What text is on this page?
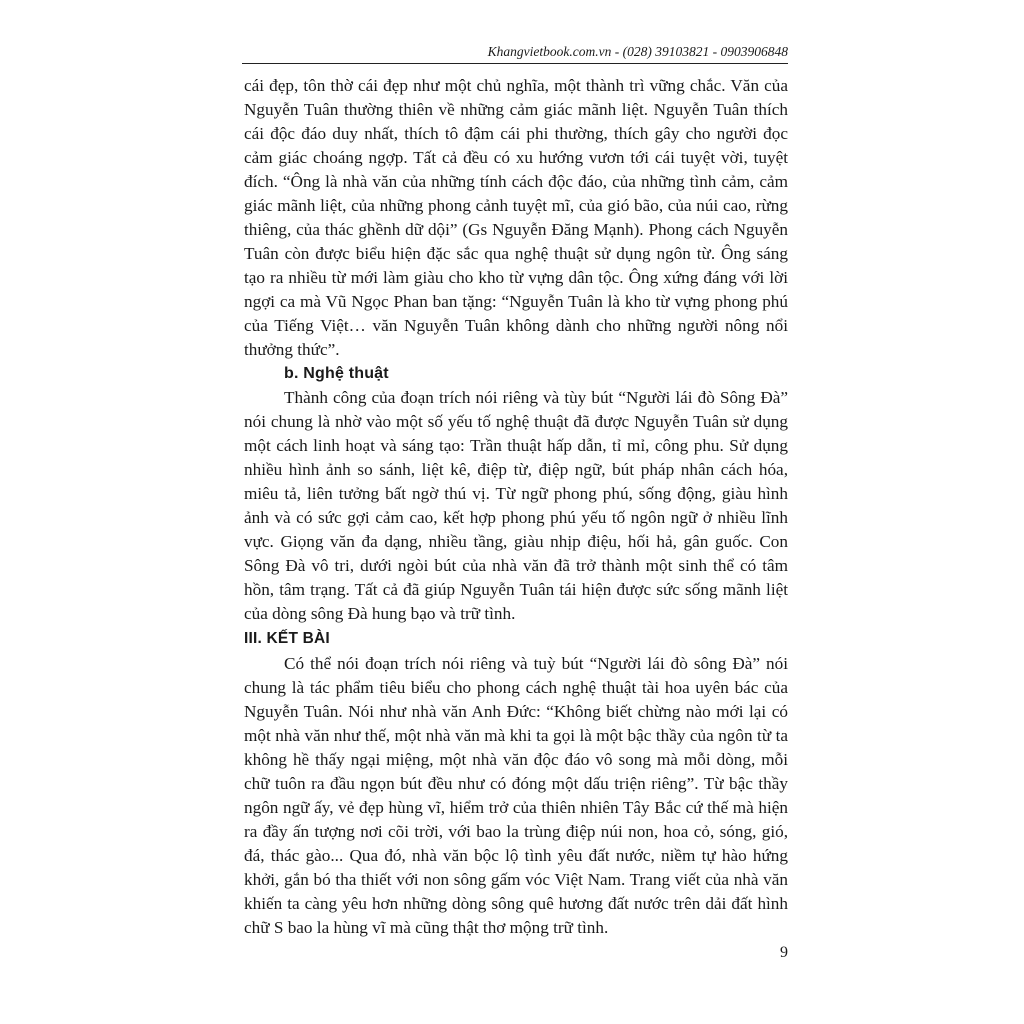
Khangvietbook.com.vn - (028) 39103821 - 0903906848

cái đẹp, tôn thờ cái đẹp như một chủ nghĩa, một thành trì vững chắc. Văn của Nguyễn Tuân thường thiên về những cảm giác mãnh liệt. Nguyễn Tuân thích cái độc đáo duy nhất, thích tô đậm cái phi thường, thích gây cho người đọc cảm giác choáng ngợp. Tất cả đều có xu hướng vươn tới cái tuyệt vời, tuyệt đích. “Ông là nhà văn của những tính cách độc đáo, của những tình cảm, cảm giác mãnh liệt, của những phong cảnh tuyệt mĩ, của gió bão, của núi cao, rừng thiêng, của thác ghềnh dữ dội” (Gs Nguyễn Đăng Mạnh). Phong cách Nguyễn Tuân còn được biểu hiện đặc sắc qua nghệ thuật sử dụng ngôn từ. Ông sáng tạo ra nhiều từ mới làm giàu cho kho từ vựng dân tộc. Ông xứng đáng với lời ngợi ca mà Vũ Ngọc Phan ban tặng: “Nguyễn Tuân là kho từ vựng phong phú của Tiếng Việt… văn Nguyễn Tuân không dành cho những người nông nổi thưởng thức”.

b. Nghệ thuật

Thành công của đoạn trích nói riêng và tùy bút “Người lái đò Sông Đà” nói chung là nhờ vào một số yếu tố nghệ thuật đã được Nguyễn Tuân sử dụng một cách linh hoạt và sáng tạo: Trần thuật hấp dẫn, tỉ mỉ, công phu. Sử dụng nhiều hình ảnh so sánh, liệt kê, điệp từ, điệp ngữ, bút pháp nhân cách hóa, miêu tả, liên tưởng bất ngờ thú vị. Từ ngữ phong phú, sống động, giàu hình ảnh và có sức gợi cảm cao, kết hợp phong phú yếu tố ngôn ngữ ở nhiều lĩnh vực. Giọng văn đa dạng, nhiều tầng, giàu nhịp điệu, hối hả, gân guốc. Con Sông Đà vô tri, dưới ngòi bút của nhà văn đã trở thành một sinh thể có tâm hồn, tâm trạng. Tất cả đã giúp Nguyễn Tuân tái hiện được sức sống mãnh liệt của dòng sông Đà hung bạo và trữ tình.

III. KẾT BÀI

Có thể nói đoạn trích nói riêng và tuỳ bút “Người lái đò sông Đà” nói chung là tác phẩm tiêu biểu cho phong cách nghệ thuật tài hoa uyên bác của Nguyễn Tuân. Nói như nhà văn Anh Đức: “Không biết chừng nào mới lại có một nhà văn như thế, một nhà văn mà khi ta gọi là một bậc thầy của ngôn từ ta không hề thấy ngại miệng, một nhà văn độc đáo vô song mà mỗi dòng, mỗi chữ tuôn ra đầu ngọn bút đều như có đóng một dấu triện riêng”. Từ bậc thầy ngôn ngữ ấy, vẻ đẹp hùng vĩ, hiểm trở của thiên nhiên Tây Bắc cứ thế mà hiện ra đầy ấn tượng nơi cõi trời, với bao la trùng điệp núi non, hoa cỏ, sóng, gió, đá, thác gào... Qua đó, nhà văn bộc lộ tình yêu đất nước, niềm tự hào hứng khởi, gắn bó tha thiết với non sông gấm vóc Việt Nam. Trang viết của nhà văn khiến ta càng yêu hơn những dòng sông quê hương đất nước trên dải đất hình chữ S bao la hùng vĩ mà cũng thật thơ mộng trữ tình.

9
